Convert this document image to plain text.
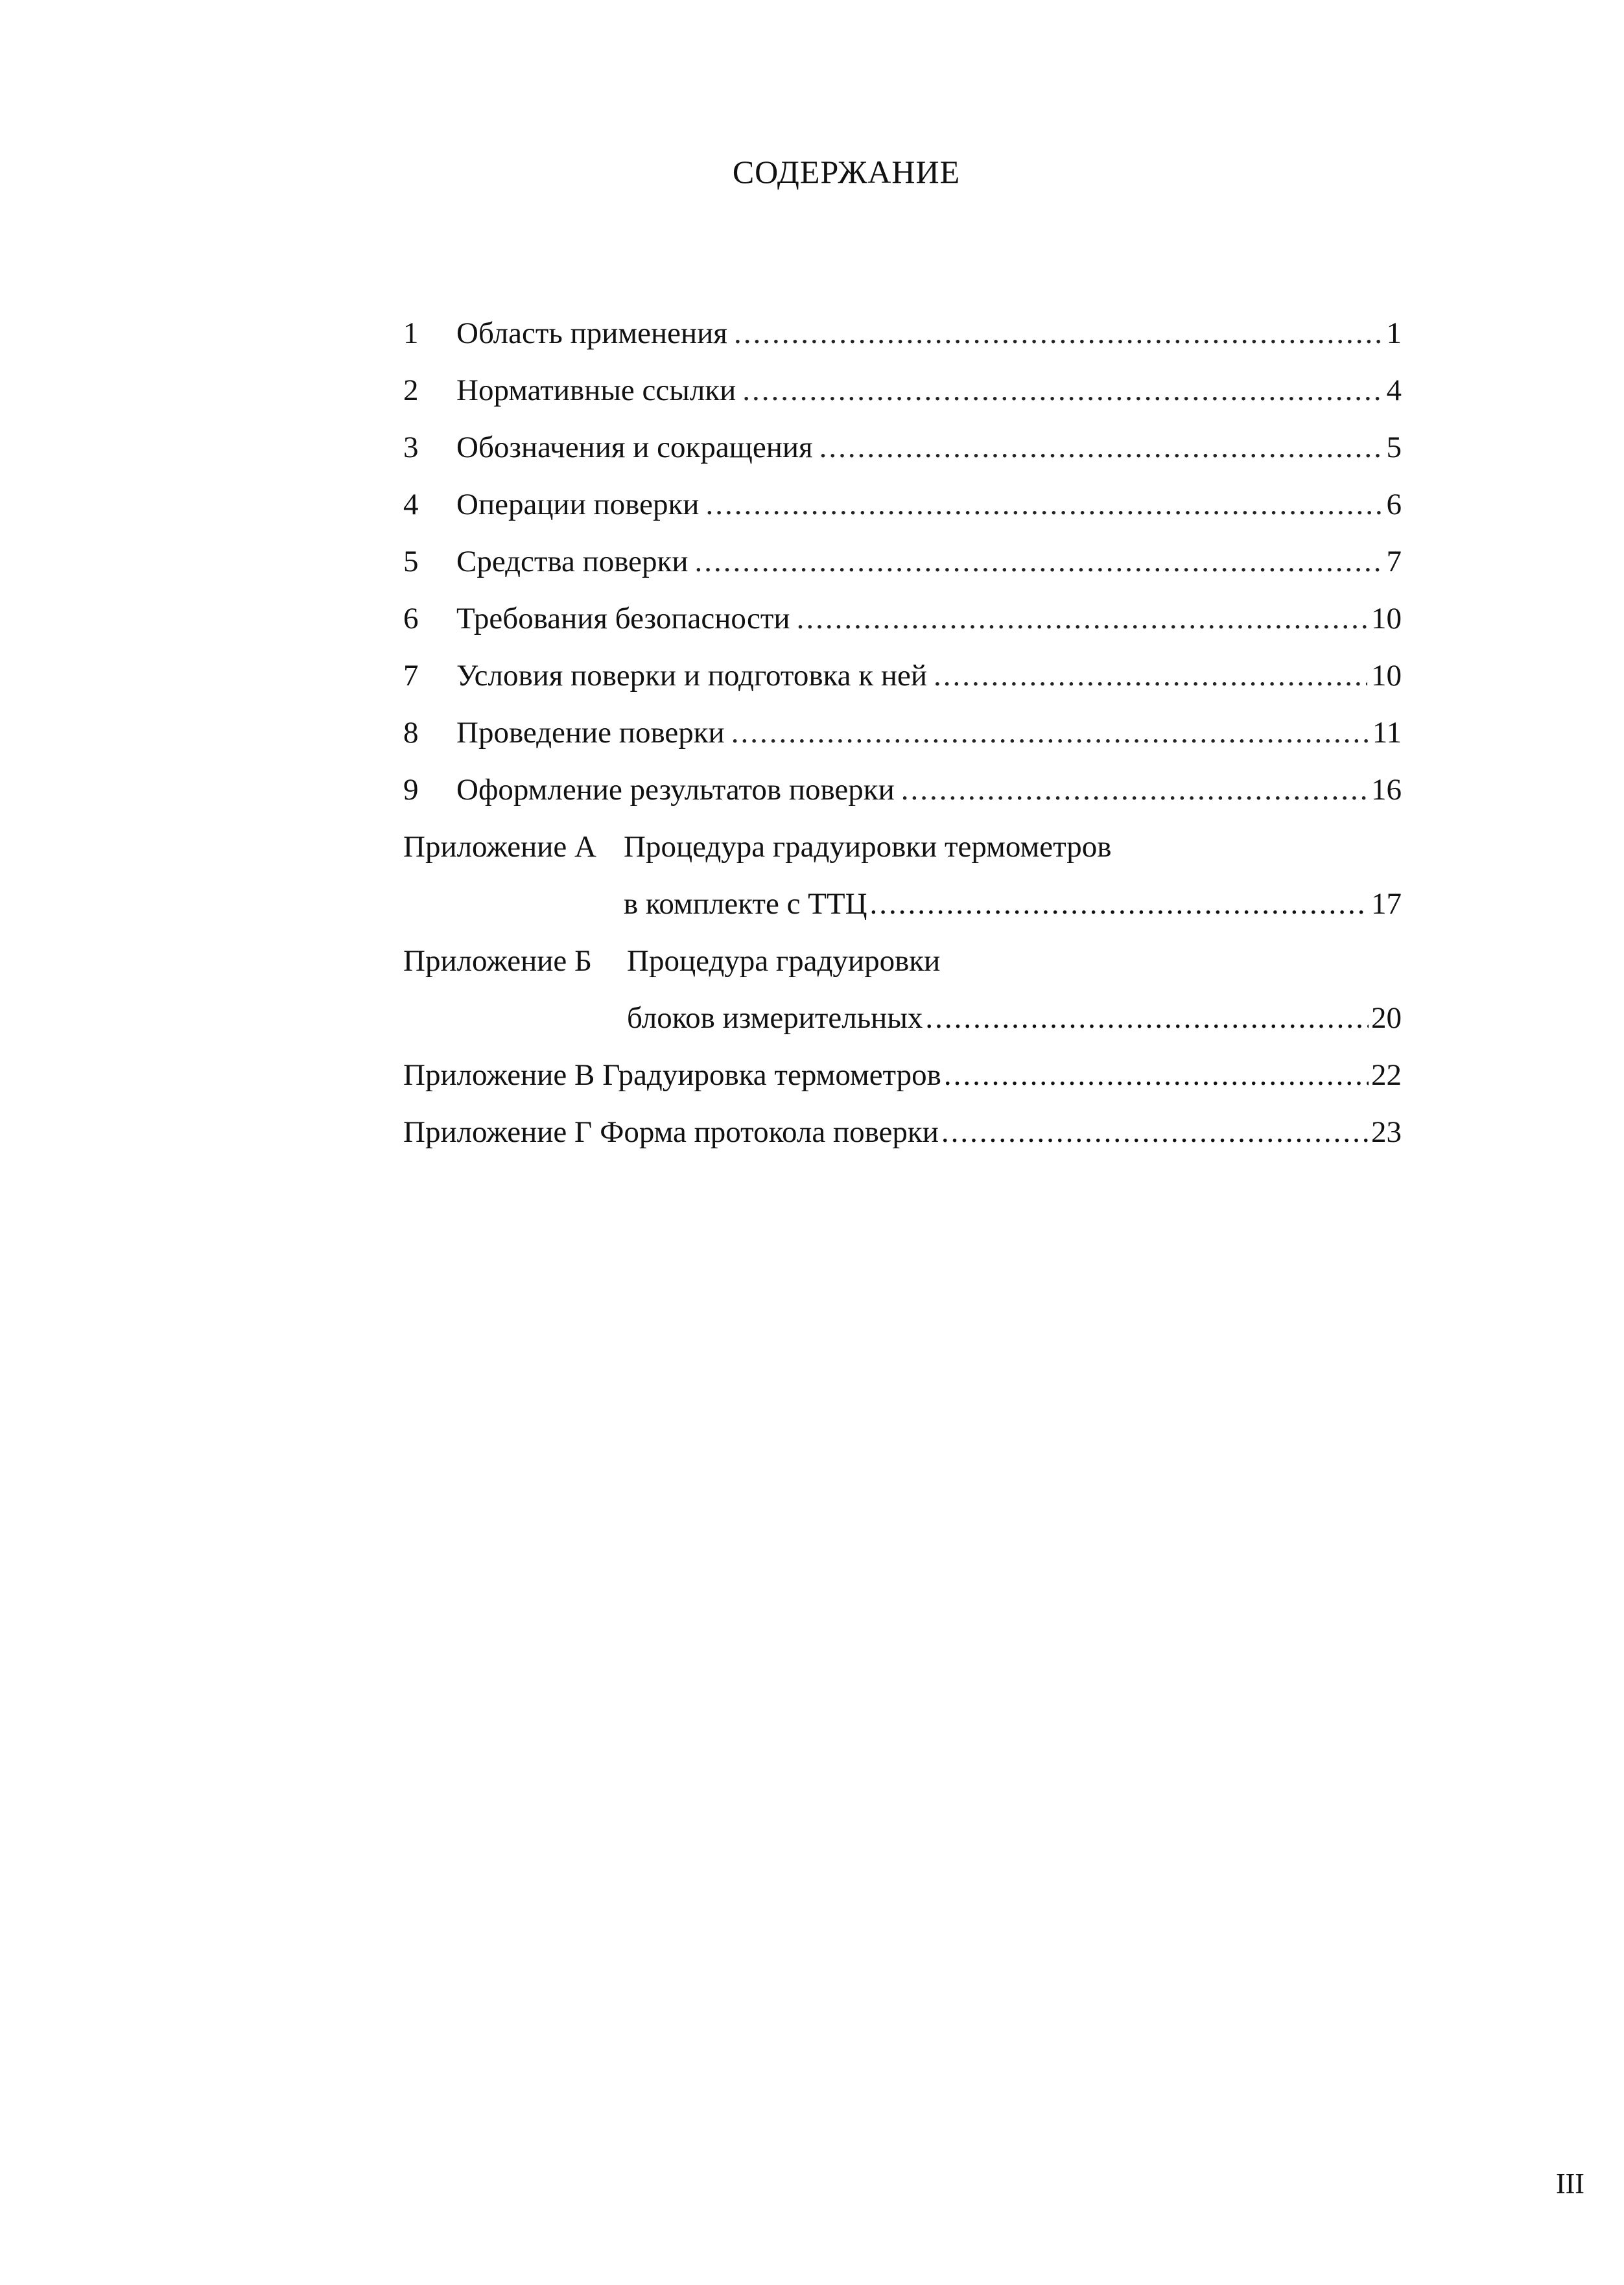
СОДЕРЖАНИЕ
1	Область применения .....	1
2	Нормативные ссылки .....	4
3	Обозначения и сокращения .....	5
4	Операции поверки .....	6
5	Средства поверки .....	7
6	Требования безопасности .....	10
7	Условия поверки и подготовка к ней .....	10
8	Проведение поверки .....	11
9	Оформление результатов поверки .....	16
Приложение А Процедура градуировки термометров
в комплекте с ТТЦ .....	17
Приложение Б Процедура градуировки
блоков измерительных .....	20
Приложение В Градуировка термометров .....	22
Приложение Г Форма протокола поверки .....	23
III
